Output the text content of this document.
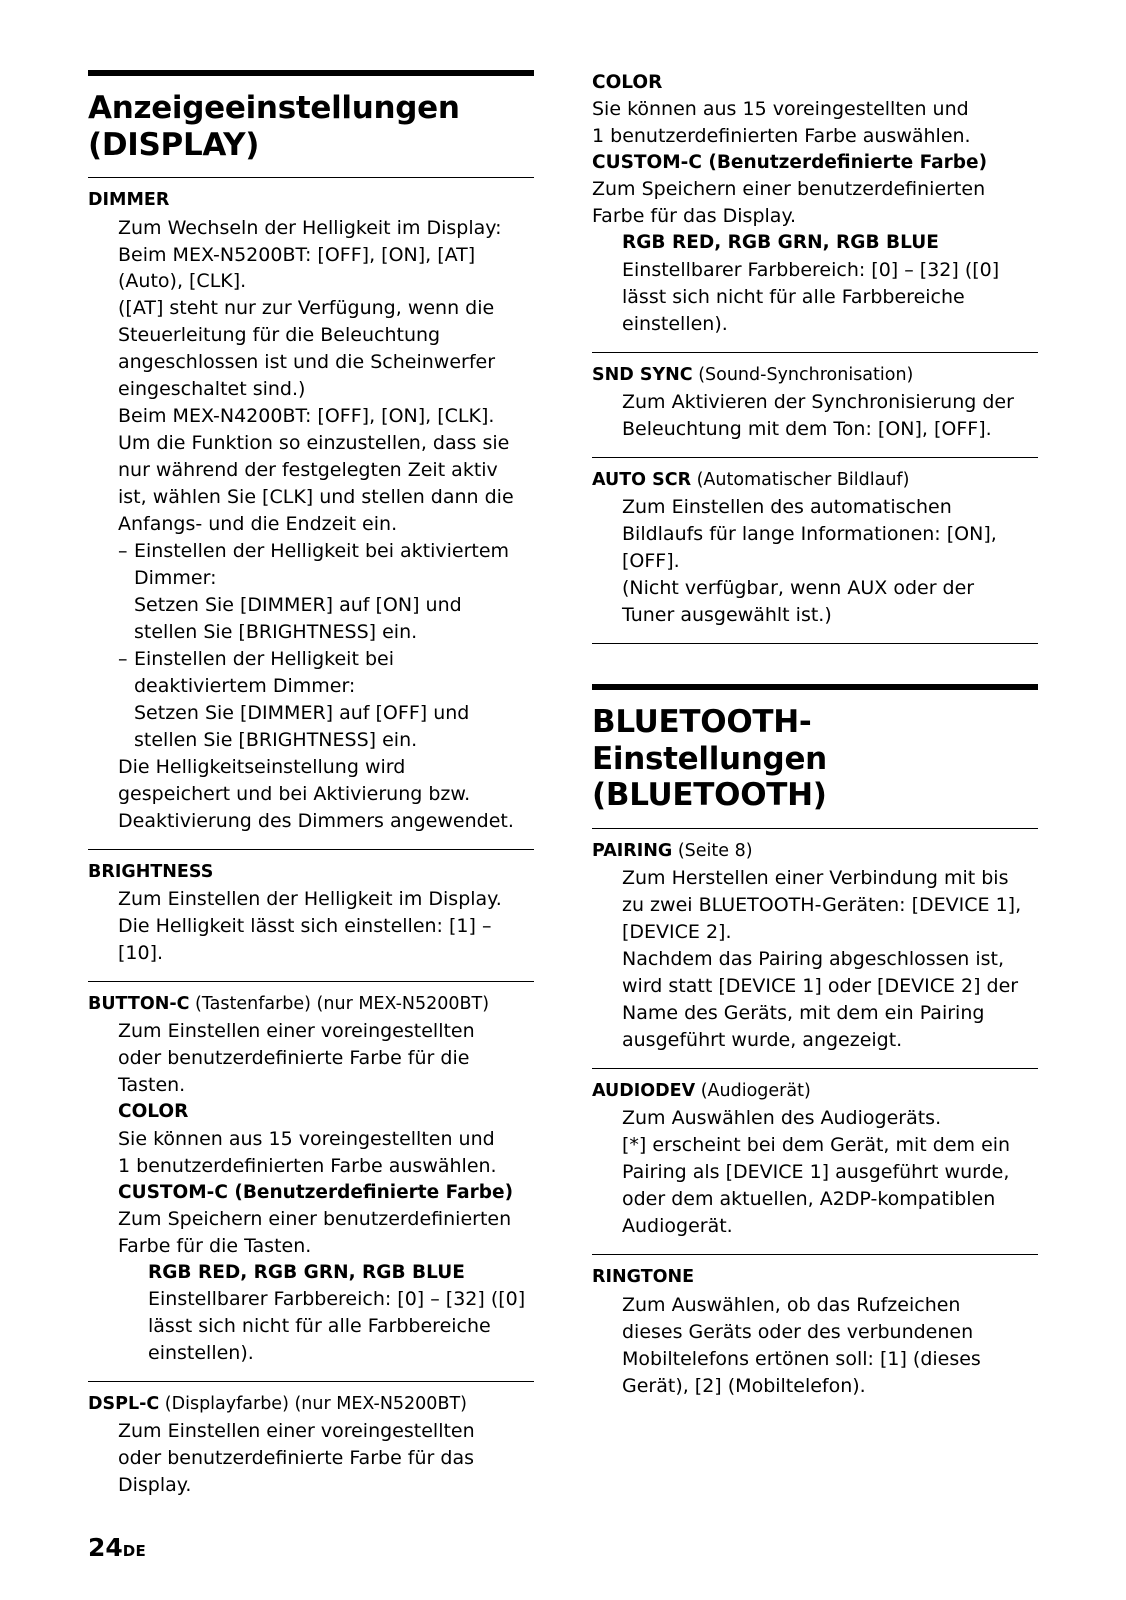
Anzeigeeinstellungen
(DISPLAY)
DIMMER

Zum Wechseln der Helligkeit im Display:

Beim MEX-N5200BT: [OFF], [ON], [AT]

(Auto), [CLK].

([AT] steht nur zur Verfügung, wenn die

Steuerleitung für die Beleuchtung

angeschlossen ist und die Scheinwerfer

eingeschaltet sind.)

Beim MEX-N4200BT: [OFF], [ON], [CLK].

Um die Funktion so einzustellen, dass sie

nur während der festgelegten Zeit aktiv

ist, wählen Sie [CLK] und stellen dann die

Anfangs- und die Endzeit ein.

– Einstellen der Helligkeit bei aktiviertem

Dimmer:

Setzen Sie [DIMMER] auf [ON] und

stellen Sie [BRIGHTNESS] ein.

– Einstellen der Helligkeit bei

deaktiviertem Dimmer:

Setzen Sie [DIMMER] auf [OFF] und

stellen Sie [BRIGHTNESS] ein.

Die Helligkeitseinstellung wird

gespeichert und bei Aktivierung bzw.

Deaktivierung des Dimmers angewendet.

BRIGHTNESS

Zum Einstellen der Helligkeit im Display.

Die Helligkeit lässt sich einstellen: [1] –

[10].

BUTTON-C (Tastenfarbe) (nur MEX-N5200BT)

Zum Einstellen einer voreingestellten

oder benutzerdefinierte Farbe für die

Tasten.

COLOR

Sie können aus 15 voreingestellten und

1 benutzerdefinierten Farbe auswählen.

CUSTOM-C (Benutzerdefinierte Farbe)

Zum Speichern einer benutzerdefinierten

Farbe für die Tasten.

RGB RED, RGB GRN, RGB BLUE

Einstellbarer Farbbereich: [0] – [32] ([0]

lässt sich nicht für alle Farbbereiche

einstellen).

DSPL-C (Displayfarbe) (nur MEX-N5200BT)

Zum Einstellen einer voreingestellten

oder benutzerdefinierte Farbe für das

Display.

COLOR

Sie können aus 15 voreingestellten und

1 benutzerdefinierten Farbe auswählen.

CUSTOM-C (Benutzerdefinierte Farbe)

Zum Speichern einer benutzerdefinierten

Farbe für das Display.

RGB RED, RGB GRN, RGB BLUE

Einstellbarer Farbbereich: [0] – [32] ([0]

lässt sich nicht für alle Farbbereiche

einstellen).

SND SYNC (Sound-Synchronisation)

Zum Aktivieren der Synchronisierung der

Beleuchtung mit dem Ton: [ON], [OFF].

AUTO SCR (Automatischer Bildlauf)

Zum Einstellen des automatischen

Bildlaufs für lange Informationen: [ON],

[OFF].

(Nicht verfügbar, wenn AUX oder der

Tuner ausgewählt ist.)

BLUETOOTH-Einstellungen
(BLUETOOTH)
PAIRING (Seite 8)

Zum Herstellen einer Verbindung mit bis

zu zwei BLUETOOTH-Geräten: [DEVICE 1],

[DEVICE 2].

Nachdem das Pairing abgeschlossen ist,

wird statt [DEVICE 1] oder [DEVICE 2] der

Name des Geräts, mit dem ein Pairing

ausgeführt wurde, angezeigt.

AUDIODEV (Audiogerät)

Zum Auswählen des Audiogeräts.

[*] erscheint bei dem Gerät, mit dem ein

Pairing als [DEVICE 1] ausgeführt wurde,

oder dem aktuellen, A2DP-kompatiblen

Audiogerät.

RINGTONE

Zum Auswählen, ob das Rufzeichen

dieses Geräts oder des verbundenen

Mobiltelefons ertönen soll: [1] (dieses

Gerät), [2] (Mobiltelefon).

24DE
